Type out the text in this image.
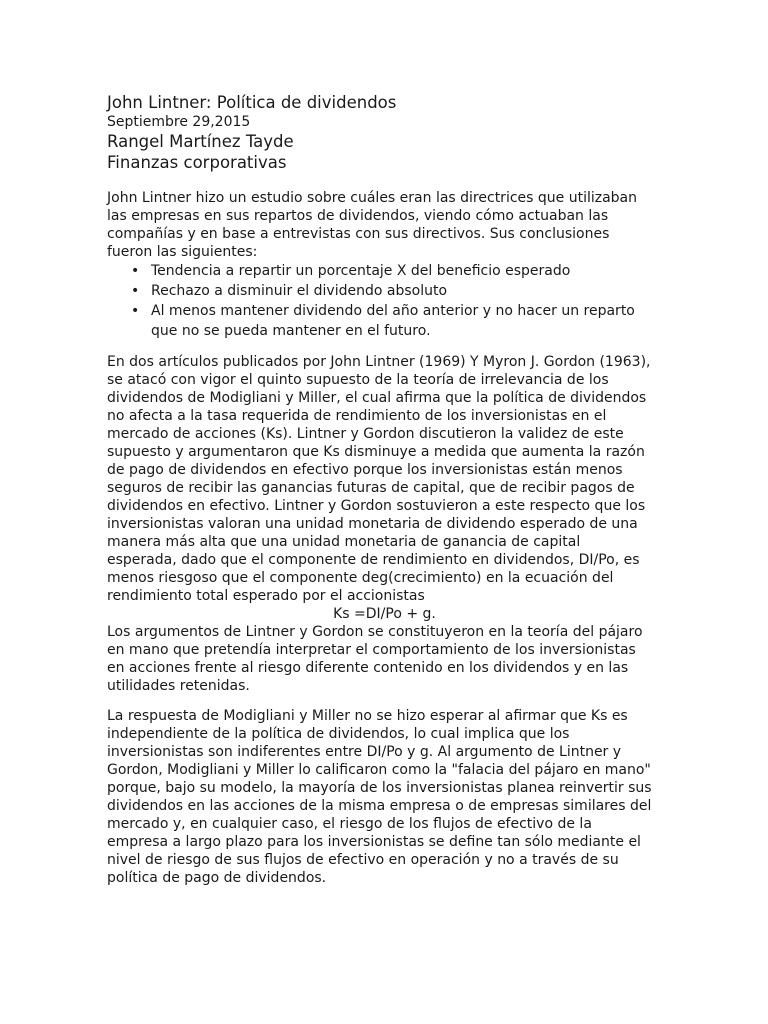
John Lintner: Política de dividendos

Septiembre 29,2015

Rangel Martínez Tayde

Finanzas corporativas

John Lintner hizo un estudio sobre cuáles eran las directrices que utilizaban las empresas en sus repartos de dividendos, viendo cómo actuaban las compañías y en base a entrevistas con sus directivos. Sus conclusiones fueron las siguientes:

• Tendencia a repartir un porcentaje X del beneficio esperado
• Rechazo a disminuir el dividendo absoluto
• Al menos mantener dividendo del año anterior y no hacer un reparto que no se pueda mantener en el futuro.

En dos artículos publicados por John Lintner (1969) Y Myron J. Gordon (1963), se atacó con vigor el quinto supuesto de la teoría de irrelevancia de los dividendos de Modigliani y Miller, el cual afirma que la política de dividendos no afecta a la tasa requerida de rendimiento de los inversionistas en el mercado de acciones (Ks). Lintner y Gordon discutieron la validez de este supuesto y argumentaron que Ks disminuye a medida que aumenta la razón de pago de dividendos en efectivo porque los inversionistas están menos seguros de recibir las ganancias futuras de capital, que de recibir pagos de dividendos en efectivo. Lintner y Gordon sostuvieron a este respecto que los inversionistas valoran una unidad monetaria de dividendo esperado de una manera más alta que una unidad monetaria de ganancia de capital esperada, dado que el componente de rendimiento en dividendos, DI/Po, es menos riesgoso que el componente deg(crecimiento) en la ecuación del rendimiento total esperado por el accionistas

Ks =DI/Po + g.

Los argumentos de Lintner y Gordon se constituyeron en la teoría del pájaro en mano que pretendía interpretar el comportamiento de los inversionistas en acciones frente al riesgo diferente contenido en los dividendos y en las utilidades retenidas.

La respuesta de Modigliani y Miller no se hizo esperar al afirmar que Ks es independiente de la política de dividendos, lo cual implica que los inversionistas son indiferentes entre DI/Po y g. Al argumento de Lintner y Gordon, Modigliani y Miller lo calificaron como la "falacia del pájaro en mano" porque, bajo su modelo, la mayoría de los inversionistas planea reinvertir sus dividendos en las acciones de la misma empresa o de empresas similares del mercado y, en cualquier caso, el riesgo de los flujos de efectivo de la empresa a largo plazo para los inversionistas se define tan sólo mediante el nivel de riesgo de sus flujos de efectivo en operación y no a través de su política de pago de dividendos.
